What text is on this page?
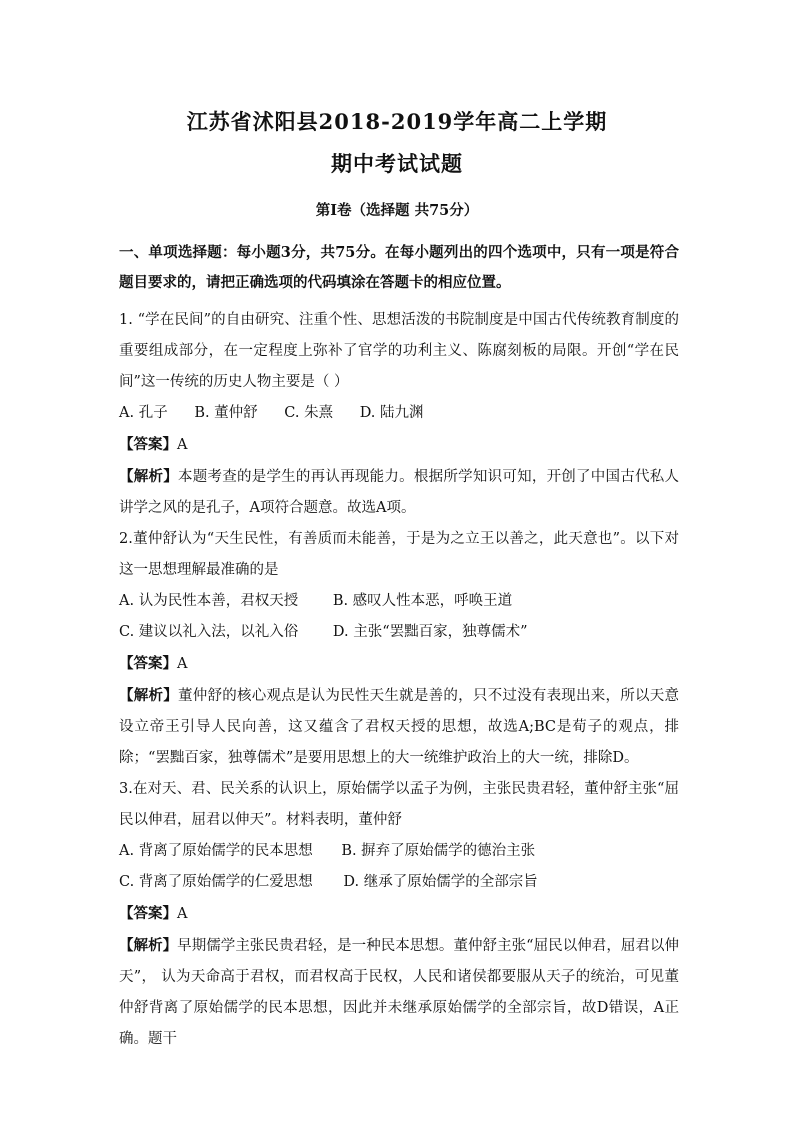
江苏省沭阳县2018-2019学年高二上学期
期中考试试题
第Ⅰ卷（选择题 共75分）

一、单项选择题：每小题3分，共75分。在每小题列出的四个选项中，只有一项是符合题目要求的，请把正确选项的代码填涂在答题卡的相应位置。

1. “学在民间”的自由研究、注重个性、思想活泼的书院制度是中国古代传统教育制度的重要组成部分，在一定程度上弥补了官学的功利主义、陈腐刻板的局限。开创“学在民间”这一传统的历史人物主要是（ ）

A. 孔子 B. 董仲舒 C. 朱熹 D. 陆九渊

【答案】A

【解析】本题考查的是学生的再认再现能力。根据所学知识可知，开创了中国古代私人讲学之风的是孔子，A项符合题意。故选A项。

2.董仲舒认为“天生民性，有善质而未能善，于是为之立王以善之，此天意也”。以下对这一思想理解最准确的是

A. 认为民性本善，君权天授 B. 感叹人性本恶，呼唤王道

C. 建议以礼入法，以礼入俗 D. 主张“罢黜百家，独尊儒术”

【答案】A

【解析】董仲舒的核心观点是认为民性天生就是善的，只不过没有表现出来，所以天意设立帝王引导人民向善，这又蕴含了君权天授的思想，故选A;BC是荀子的观点，排除；“罢黜百家，独尊儒术”是要用思想上的大一统维护政治上的大一统，排除D。

3.在对天、君、民关系的认识上，原始儒学以孟子为例，主张民贵君轻，董仲舒主张“屈民以伸君，屈君以伸天”。材料表明，董仲舒

A. 背离了原始儒学的民本思想 B. 摒弃了原始儒学的德治主张

C. 背离了原始儒学的仁爱思想 D. 继承了原始儒学的全部宗旨

【答案】A

【解析】早期儒学主张民贵君轻，是一种民本思想。董仲舒主张“屈民以伸君，屈君以伸天”， 认为天命高于君权，而君权高于民权，人民和诸侯都要服从天子的统治，可见董仲舒背离了原始儒学的民本思想，因此并未继承原始儒学的全部宗旨，故D错误，A正确。题干
